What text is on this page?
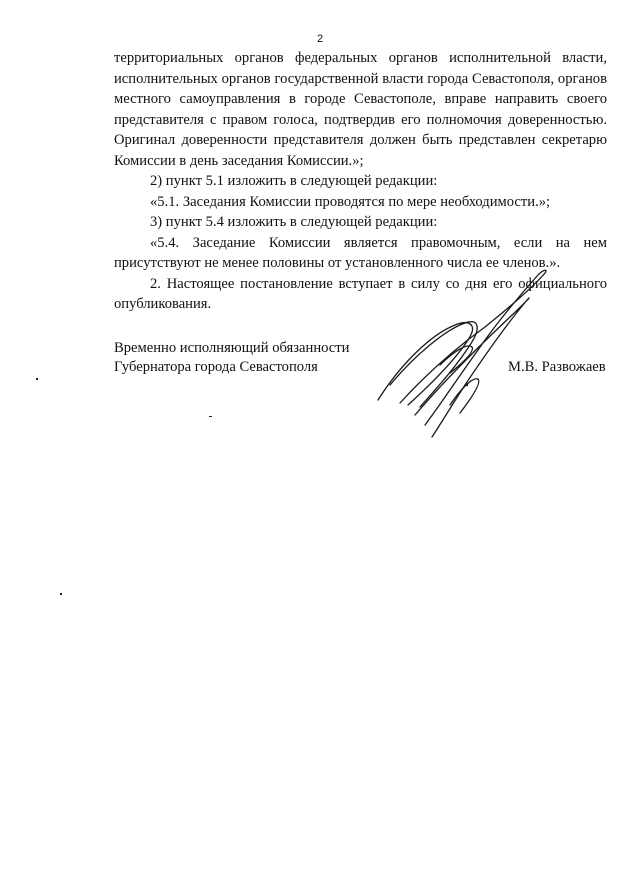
2

территориальных органов федеральных органов исполнительной власти, исполнительных органов государственной власти города Севастополя, органов местного самоуправления в городе Севастополе, вправе направить своего представителя с правом голоса, подтвердив его полномочия доверенностью. Оригинал доверенности представителя должен быть представлен секретарю Комиссии в день заседания Комиссии.»;

2) пункт 5.1 изложить в следующей редакции:

«5.1. Заседания Комиссии проводятся по мере необходимости.»;

3) пункт 5.4 изложить в следующей редакции:

«5.4. Заседание Комиссии является правомочным, если на нем присутствуют не менее половины от установленного числа ее членов.».

2. Настоящее постановление вступает в силу со дня его официального опубликования.

Временно исполняющий обязанности
Губернатора города Севастополя	М.В. Развожаев
